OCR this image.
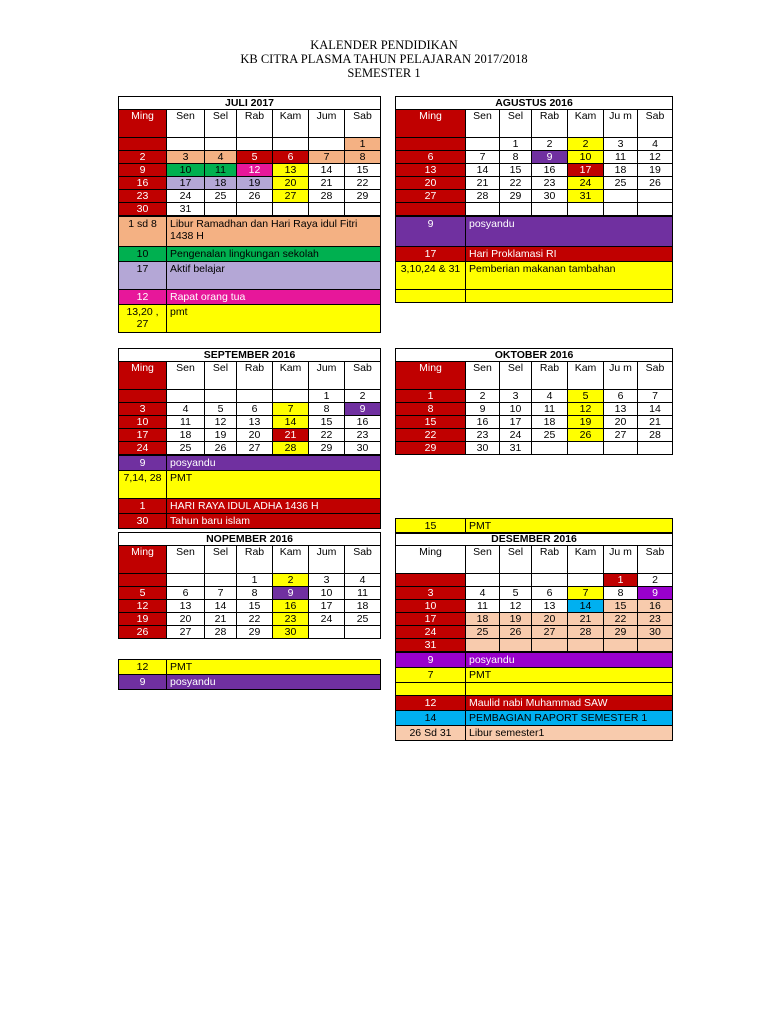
KALENDER PENDIDIKAN
KB CITRA PLASMA TAHUN PELAJARAN 2017/2018
SEMESTER 1
JULI 2017						
Ming	Sen	Sel	Rab	Kam	Jum	Sab
						1
2	3	4	5	6	7	8
9	10	11	12	13	14	15
16	17	18	19	20	21	22
23	24	25	26	27	28	29
30	31					
1 sd 8	Libur Ramadhan dan Hari Raya idul Fitri 1438 H
10	Pengenalan lingkungan sekolah
17	Aktif belajar
12	Rapat orang tua
13,20 , 27	pmt
AGUSTUS 2016						
Ming	Sen	Sel	Rab	Kam	Ju m	Sab
		1	2	2	3	4
6	7	8	9	10	11	12
13	14	15	16	17	18	19
20	21	22	23	24	25	26
27	28	29	30	31		

9	posyandu
17	Hari Proklamasi RI
3,10,24 & 31	Pemberian makanan tambahan

SEPTEMBER 2016						
Ming	Sen	Sel	Rab	Kam	Jum	Sab
					1	2
3	4	5	6	7	8	9
10	11	12	13	14	15	16
17	18	19	20	21	22	23
24	25	26	27	28	29	30
9	posyandu
7,14, 28	PMT
1	HARI RAYA IDUL ADHA 1436 H
30	Tahun baru islam
OKTOBER 2016						
Ming	Sen	Sel	Rab	Kam	Ju m	Sab
1	2	3	4	5	6	7
8	9	10	11	12	13	14
15	16	17	18	19	20	21
22	23	24	25	26	27	28
29	30	31				
15	PMT
NOPEMBER 2016						
Ming	Sen	Sel	Rab	Kam	Jum	Sab
			1	2	3	4
5	6	7	8	9	10	11
12	13	14	15	16	17	18
19	20	21	22	23	24	25
26	27	28	29	30		
12	PMT
9	posyandu
DESEMBER 2016						
Ming	Sen	Sel	Rab	Kam	Ju m	Sab
					1	2
3	4	5	6	7	8	9
10	11	12	13	14	15	16
17	18	19	20	21	22	23
24	25	26	27	28	29	30
31						
9	posyandu
7	PMT

12	Maulid nabi Muhammad SAW
14	PEMBAGIAN RAPORT SEMESTER 1
26 Sd 31	Libur semester1
